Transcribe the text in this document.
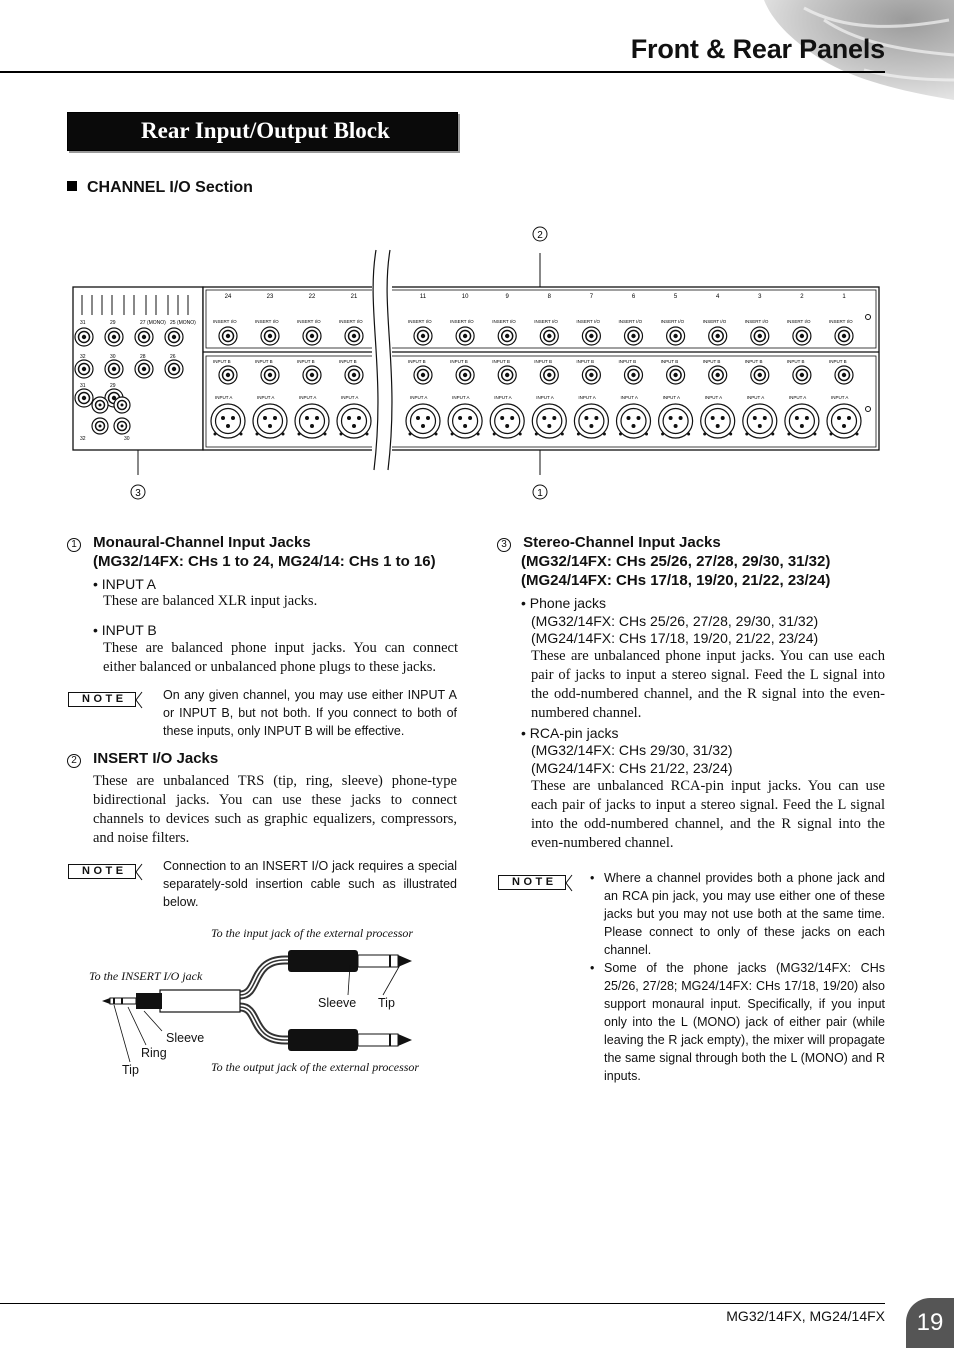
Front & Rear Panels
Rear Input/Output Block
CHANNEL I/O Section
31	29	27 (MONO) 25 (MONO)
32	30	28	26
31	29
32	30
24
INSERT I/O
INPUT B
INPUT A
23
INSERT I/O
INPUT B
INPUT A
22
INSERT I/O
INPUT B
INPUT A
21
INSERT I/O
INPUT B
INPUT A
11
INSERT I/O
INPUT B
INPUT A
10
INSERT I/O
INPUT B
INPUT A
9
INSERT I/O
INPUT B
INPUT A
8
INSERT I/O
INPUT B
INPUT A
7
INSERT I/O
INPUT B
INPUT A
6
INSERT I/O
INPUT B
INPUT A
5
INSERT I/O
INPUT B
INPUT A
4
INSERT I/O
INPUT B
INPUT A
3
INSERT I/O
INPUT B
INPUT A
2
INSERT I/O
INPUT B
INPUT A
1
INSERT I/O
INPUT B
INPUT A
2
1
3
1 Monaural-Channel Input Jacks
(MG32/14FX: CHs 1 to 24, MG24/14: CHs 1 to 16)
• INPUT A
These are balanced XLR input jacks.
• INPUT B
These are balanced phone input jacks. You can connect either balanced or unbalanced phone plugs to these jacks.
NOTE	On any given channel, you may use either INPUT A or INPUT B, but not both. If you connect to both of these inputs, only INPUT B will be effective.
2 INSERT I/O Jacks
These are unbalanced TRS (tip, ring, sleeve) phone-type bidirectional jacks. You can use these jacks to connect channels to devices such as graphic equalizers, compressors, and noise filters.
NOTE	Connection to an INSERT I/O jack requires a special separately-sold insertion cable such as illustrated below.
To the input jack of the external processor
To the INSERT I/O jack
To the output jack of the external processor
Sleeve Tip
Sleeve
Ring
Tip
3 Stereo-Channel Input Jacks
(MG32/14FX: CHs 25/26, 27/28, 29/30, 31/32)
(MG24/14FX: CHs 17/18, 19/20, 21/22, 23/24)
• Phone jacks
(MG32/14FX: CHs 25/26, 27/28, 29/30, 31/32)
(MG24/14FX: CHs 17/18, 19/20, 21/22, 23/24)
These are unbalanced phone input jacks. You can use each pair of jacks to input a stereo signal. Feed the L signal into the odd-numbered channel, and the R signal into the even-numbered channel.
• RCA-pin jacks
(MG32/14FX: CHs 29/30, 31/32)
(MG24/14FX: CHs 21/22, 23/24)
These are unbalanced RCA-pin input jacks. You can use each pair of jacks to input a stereo signal. Feed the L signal into the odd-numbered channel, and the R signal into the even-numbered channel.
NOTE	• Where a channel provides both a phone jack and an RCA pin jack, you may use either one of these jacks but you may not use both at the same time. Please connect to only of these jacks on each channel.
• Some of the phone jacks (MG32/14FX: CHs 25/26, 27/28; MG24/14FX: CHs 17/18, 19/20) also support monaural input. Specifically, if you input only into the L (MONO) jack of either pair (while leaving the R jack empty), the mixer will propagate the same signal through both the L (MONO) and R inputs.
MG32/14FX, MG24/14FX	19
